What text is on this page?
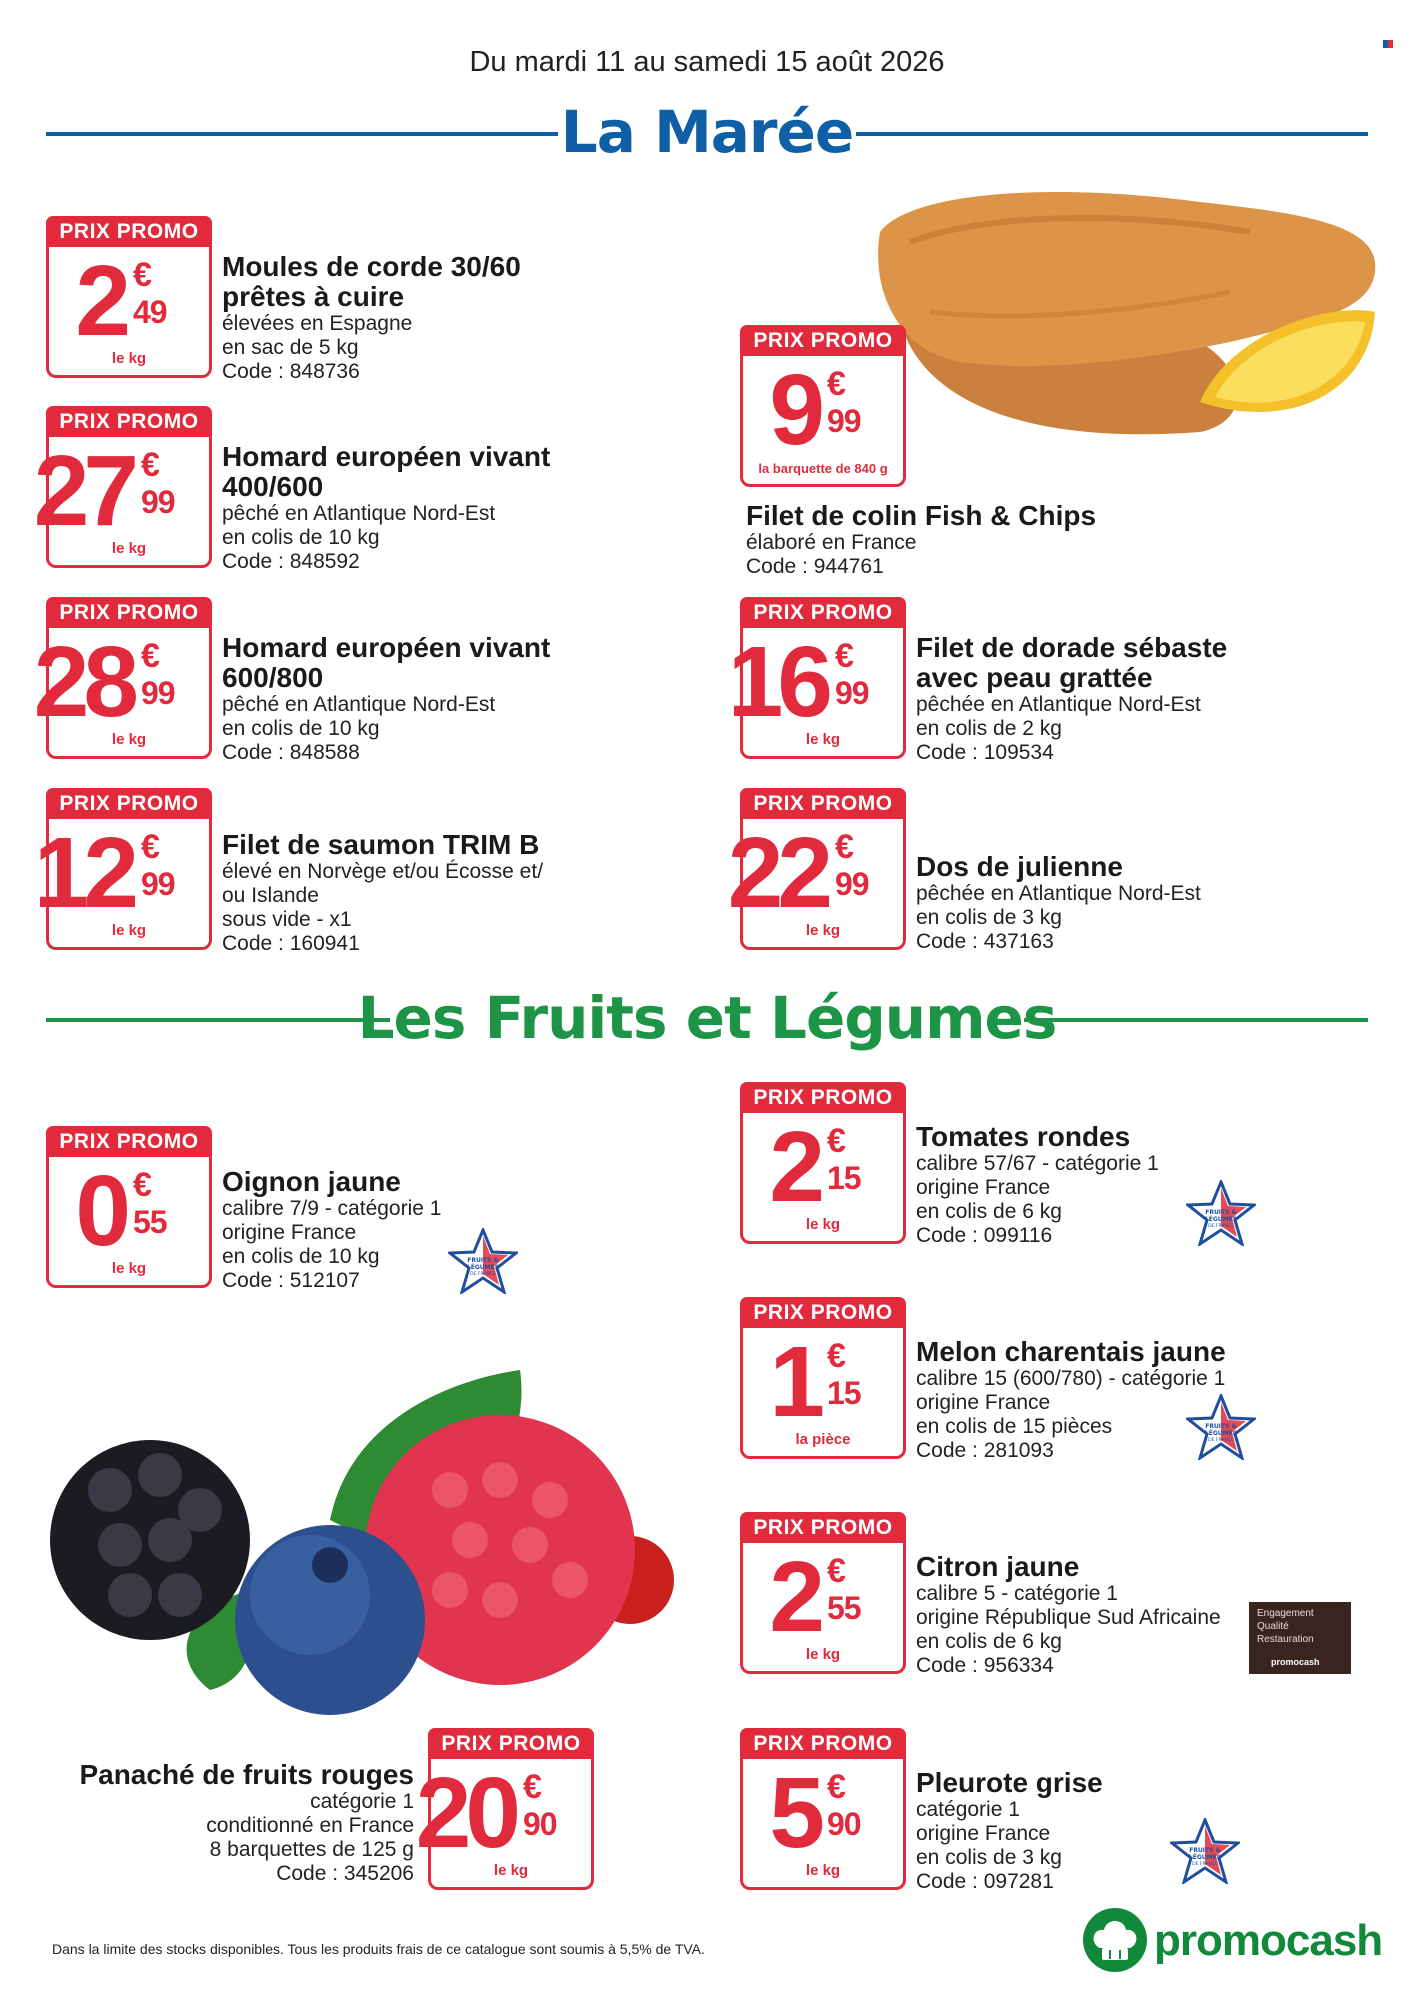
Du mardi 11 au samedi 15 août 2026
La Marée
PRIX PROMO
2 €
49
le kg
Moules de corde 30/60
prêtes à cuire
élevées en Espagne
en sac de 5 kg
Code : 848736
PRIX PROMO
27 €
99
le kg
Homard européen vivant
400/600
pêché en Atlantique Nord-Est
en colis de 10 kg
Code : 848592
PRIX PROMO
28 €
99
le kg
Homard européen vivant
600/800
pêché en Atlantique Nord-Est
en colis de 10 kg
Code : 848588
PRIX PROMO
12 €
99
le kg
Filet de saumon TRIM B
élevé en Norvège et/ou Écosse et/
ou Islande
sous vide - x1
Code : 160941
PRIX PROMO
9 €
99
la barquette de 840 g
Filet de colin Fish & Chips
élaboré en France
Code : 944761
PRIX PROMO
16 €
99
le kg
Filet de dorade sébaste
avec peau grattée
pêchée en Atlantique Nord-Est
en colis de 2 kg
Code : 109534
PRIX PROMO
22 €
99
le kg
Dos de julienne
pêchée en Atlantique Nord-Est
en colis de 3 kg
Code : 437163
Les Fruits et Légumes
PRIX PROMO
0 €
55
le kg
Oignon jaune
calibre 7/9 - catégorie 1
origine France
en colis de 10 kg
Code : 512107
FRUITS &
LÉGUMES
DE FRANCE
Panaché de fruits rouges
catégorie 1
conditionné en France
8 barquettes de 125 g
Code : 345206
PRIX PROMO
20 €
90
le kg
PRIX PROMO
2 €
15
le kg
Tomates rondes
calibre 57/67 - catégorie 1
origine France
en colis de 6 kg
Code : 099116
FRUITS &
LÉGUMES
DE FRANCE
PRIX PROMO
1 €
15
la pièce
Melon charentais jaune
calibre 15 (600/780) - catégorie 1
origine France
en colis de 15 pièces
Code : 281093
FRUITS &
LÉGUMES
DE FRANCE
PRIX PROMO
2 €
55
le kg
Citron jaune
calibre 5 - catégorie 1
origine République Sud Africaine
en colis de 6 kg
Code : 956334
Engagement
Qualité
Restauration
promocash
PRIX PROMO
5 €
90
le kg
Pleurote grise
catégorie 1
origine France
en colis de 3 kg
Code : 097281
FRUITS &
LÉGUMES
DE FRANCE
Dans la limite des stocks disponibles. Tous les produits frais de ce catalogue sont soumis à 5,5% de TVA.	promocash
